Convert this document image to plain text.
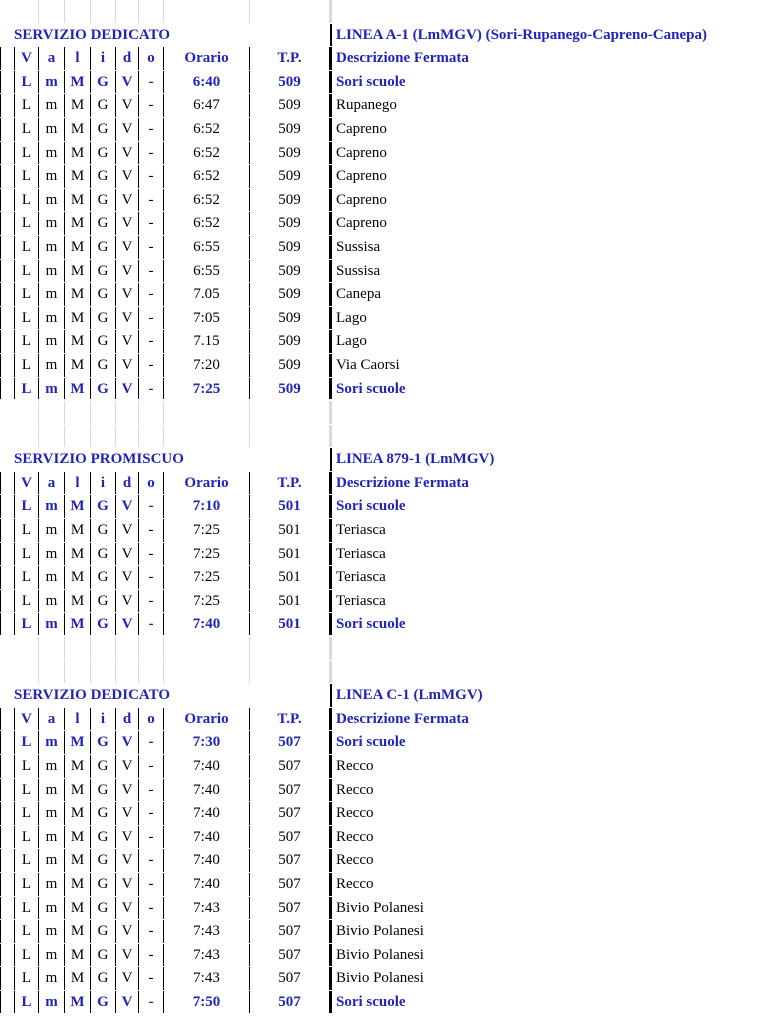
SERVIZIO DEDICATO	LINEA A-1 (LmMGV) (Sori-Rupanego-Capreno-Canepa)
V	a	l	i	d	o	Orario	T.P.	Descrizione Fermata
L m M G V	-	6:40	509	Sori scuole
L m M G V	-	6:47	509	Rupanego
L m M G V	-	6:52	509	Capreno
L m M G V	-	6:52	509	Capreno
L m M G V	-	6:52	509	Capreno
L m M G V	-	6:52	509	Capreno
L m M G V	-	6:52	509	Capreno
L m M G V	-	6:55	509	Sussisa
L m M G V	-	6:55	509	Sussisa
L m M G V	-	7.05	509	Canepa
L m M G V	-	7:05	509	Lago
L m M G V	-	7.15	509	Lago
L m M G V	-	7:20	509	Via Caorsi
L m M G V	-	7:25	509	Sori scuole
SERVIZIO PROMISCUO	LINEA 879-1 (LmMGV)
V	a	l	i	d	o	Orario	T.P.	Descrizione Fermata
L m M G V	-	7:10	501	Sori scuole
L m M G V	-	7:25	501	Teriasca
L m M G V	-	7:25	501	Teriasca
L m M G V	-	7:25	501	Teriasca
L m M G V	-	7:25	501	Teriasca
L m M G V	-	7:40	501	Sori scuole
SERVIZIO DEDICATO	LINEA C-1 (LmMGV)
V	a	l	i	d	o	Orario	T.P.	Descrizione Fermata
L m M G V	-	7:30	507	Sori scuole
L m M G V	-	7:40	507	Recco
L m M G V	-	7:40	507	Recco
L m M G V	-	7:40	507	Recco
L m M G V	-	7:40	507	Recco
L m M G V	-	7:40	507	Recco
L m M G V	-	7:40	507	Recco
L m M G V	-	7:43	507	Bivio Polanesi
L m M G V	-	7:43	507	Bivio Polanesi
L m M G V	-	7:43	507	Bivio Polanesi
L m M G V	-	7:43	507	Bivio Polanesi
L m M G V	-	7:50	507	Sori scuole
